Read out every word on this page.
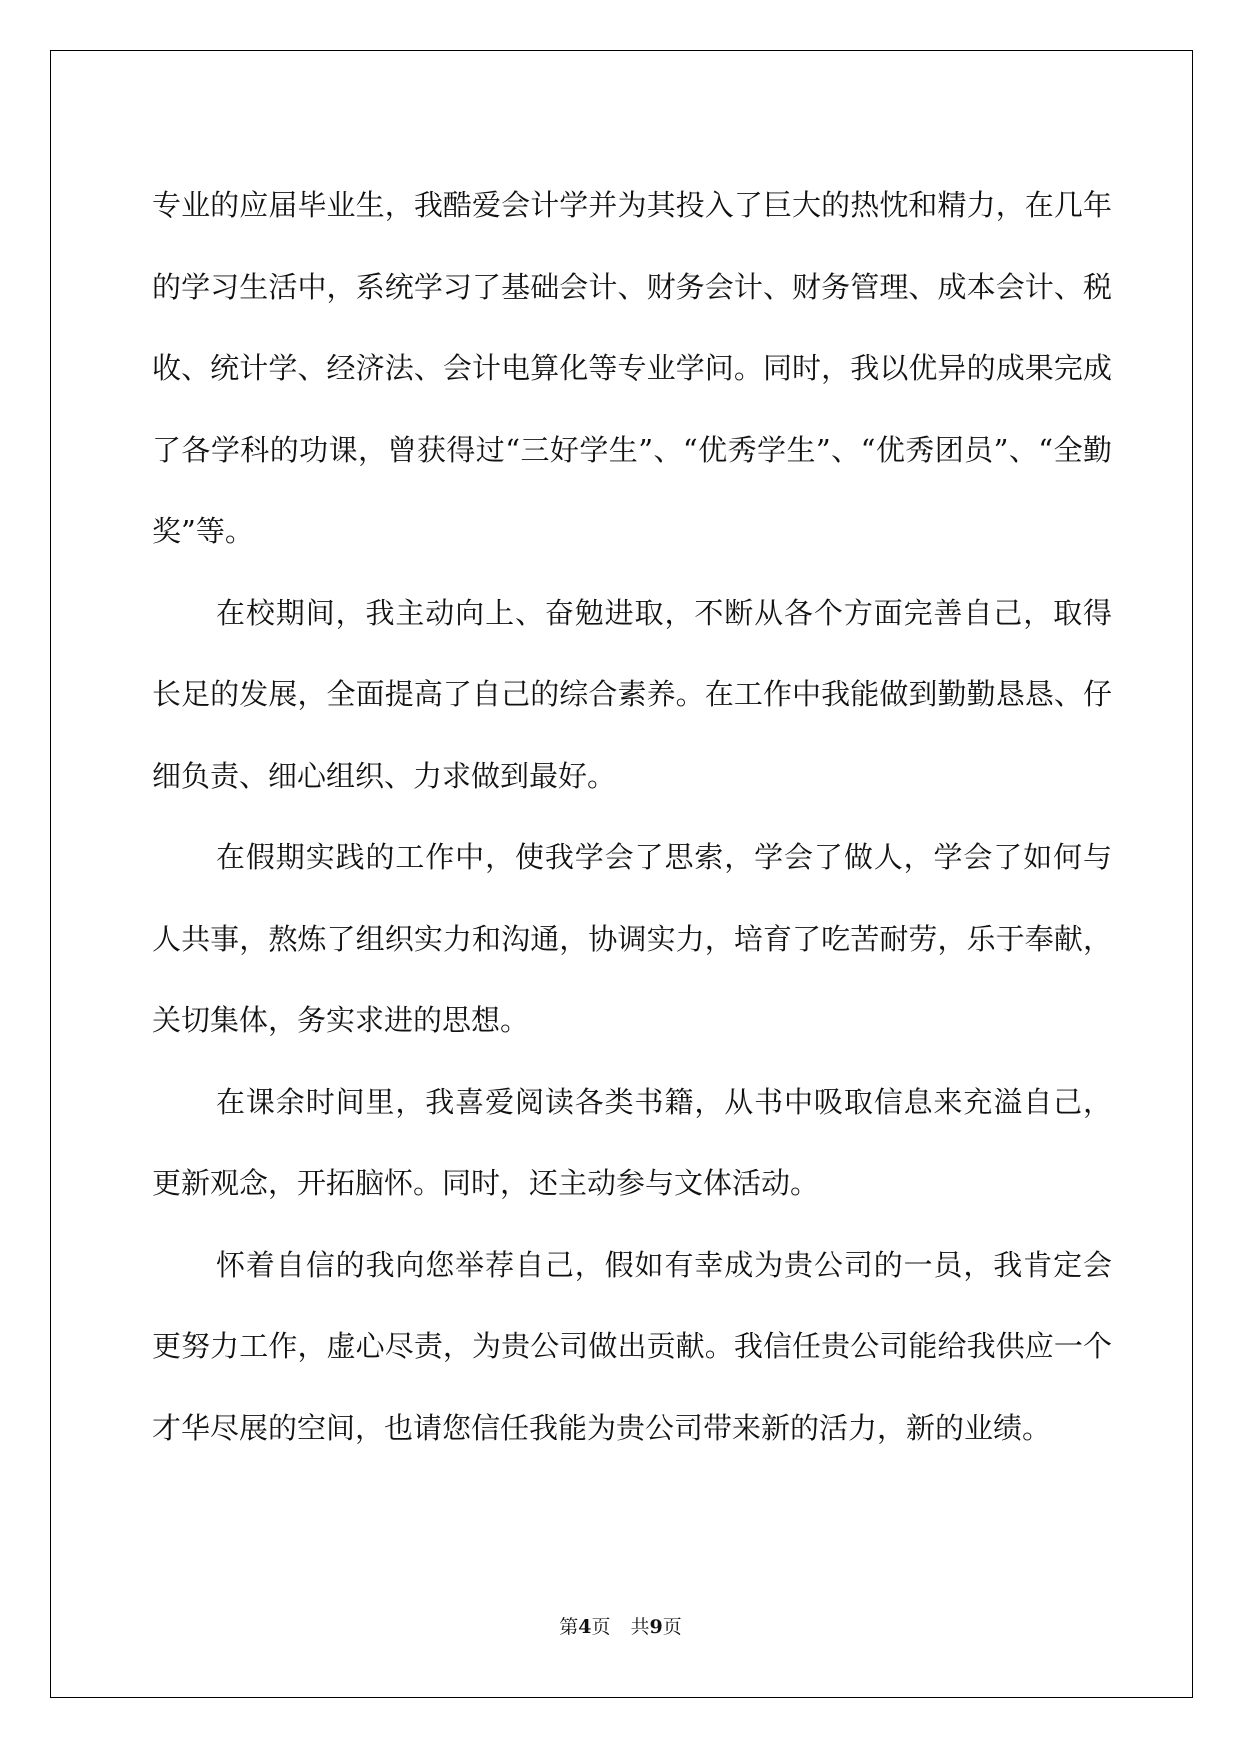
专业的应届毕业生，我酷爱会计学并为其投入了巨大的热忱和精力，在几年的学习生活中，系统学习了基础会计、财务会计、财务管理、成本会计、税收、统计学、经济法、会计电算化等专业学问。同时，我以优异的成果完成了各学科的功课，曾获得过“三好学生”、“优秀学生”、“优秀团员”、“全勤奖”等。

在校期间，我主动向上、奋勉进取，不断从各个方面完善自己，取得长足的发展，全面提高了自己的综合素养。在工作中我能做到勤勤恳恳、仔细负责、细心组织、力求做到最好。

在假期实践的工作中，使我学会了思索，学会了做人，学会了如何与人共事，熬炼了组织实力和沟通，协调实力，培育了吃苦耐劳，乐于奉献，关切集体，务实求进的思想。

在课余时间里，我喜爱阅读各类书籍，从书中吸取信息来充溢自己，更新观念，开拓脑怀。同时，还主动参与文体活动。

怀着自信的我向您举荐自己，假如有幸成为贵公司的一员，我肯定会更努力工作，虚心尽责，为贵公司做出贡献。我信任贵公司能给我供应一个才华尽展的空间，也请您信任我能为贵公司带来新的活力，新的业绩。

第4页 共9页
